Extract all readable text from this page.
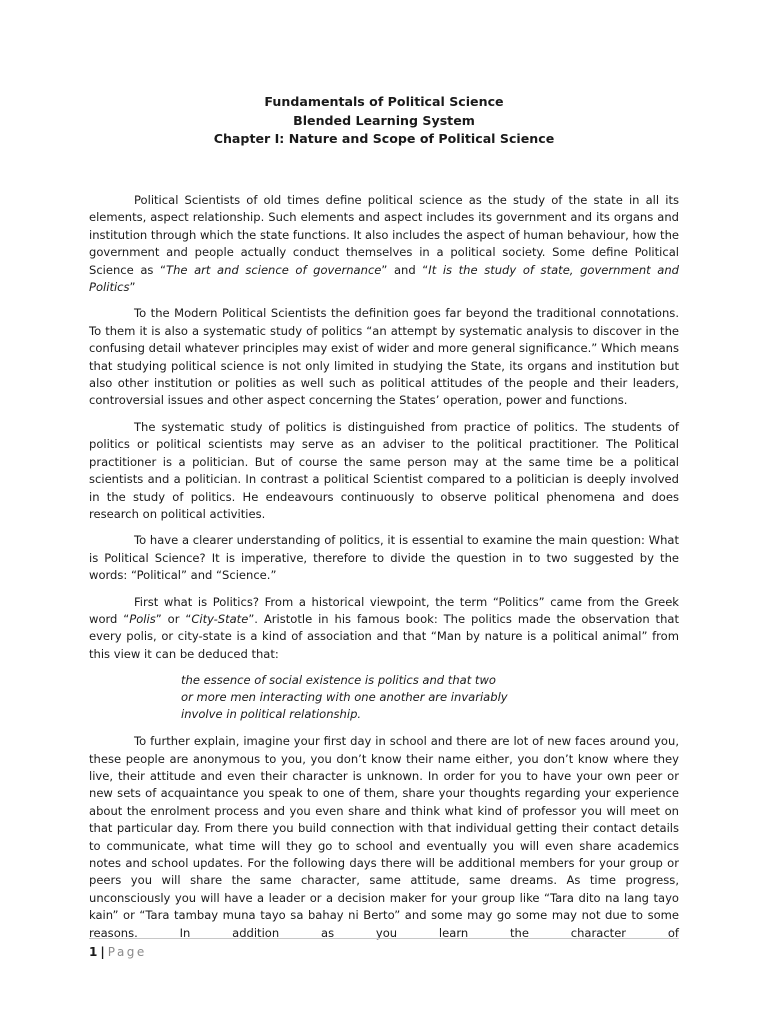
Fundamentals of Political Science
Blended Learning System
Chapter I: Nature and Scope of Political Science

Political Scientists of old times define political science as the study of the state in all its elements, aspect relationship. Such elements and aspect includes its government and its organs and institution through which the state functions. It also includes the aspect of human behaviour, how the government and people actually conduct themselves in a political society. Some define Political Science as “The art and science of governance” and “It is the study of state, government and Politics”

To the Modern Political Scientists the definition goes far beyond the traditional connotations. To them it is also a systematic study of politics “an attempt by systematic analysis to discover in the confusing detail whatever principles may exist of wider and more general significance.” Which means that studying political science is not only limited in studying the State, its organs and institution but also other institution or polities as well such as political attitudes of the people and their leaders, controversial issues and other aspect concerning the States’ operation, power and functions.

The systematic study of politics is distinguished from practice of politics. The students of politics or political scientists may serve as an adviser to the political practitioner. The Political practitioner is a politician. But of course the same person may at the same time be a political scientists and a politician. In contrast a political Scientist compared to a politician is deeply involved in the study of politics. He endeavours continuously to observe political phenomena and does research on political activities.

To have a clearer understanding of politics, it is essential to examine the main question: What is Political Science? It is imperative, therefore to divide the question in to two suggested by the words: “Political” and “Science.”

First what is Politics? From a historical viewpoint, the term “Politics” came from the Greek word “Polis” or “City-State”. Aristotle in his famous book: The politics made the observation that every polis, or city-state is a kind of association and that “Man by nature is a political animal” from this view it can be deduced that:

the essence of social existence is politics and that two or more men interacting with one another are invariably involve in political relationship.

To further explain, imagine your first day in school and there are lot of new faces around you, these people are anonymous to you, you don’t know their name either, you don’t know where they live, their attitude and even their character is unknown. In order for you to have your own peer or new sets of acquaintance you speak to one of them, share your thoughts regarding your experience about the enrolment process and you even share and think what kind of professor you will meet on that particular day. From there you build connection with that individual getting their contact details to communicate, what time will they go to school and eventually you will even share academics notes and school updates. For the following days there will be additional members for your group or peers you will share the same character, same attitude, same dreams. As time progress, unconsciously you will have a leader or a decision maker for your group like “Tara dito na lang tayo kain” or “Tara tambay muna tayo sa bahay ni Berto” and some may go some may not due to some reasons. In addition as you learn the character of

1 | Page
